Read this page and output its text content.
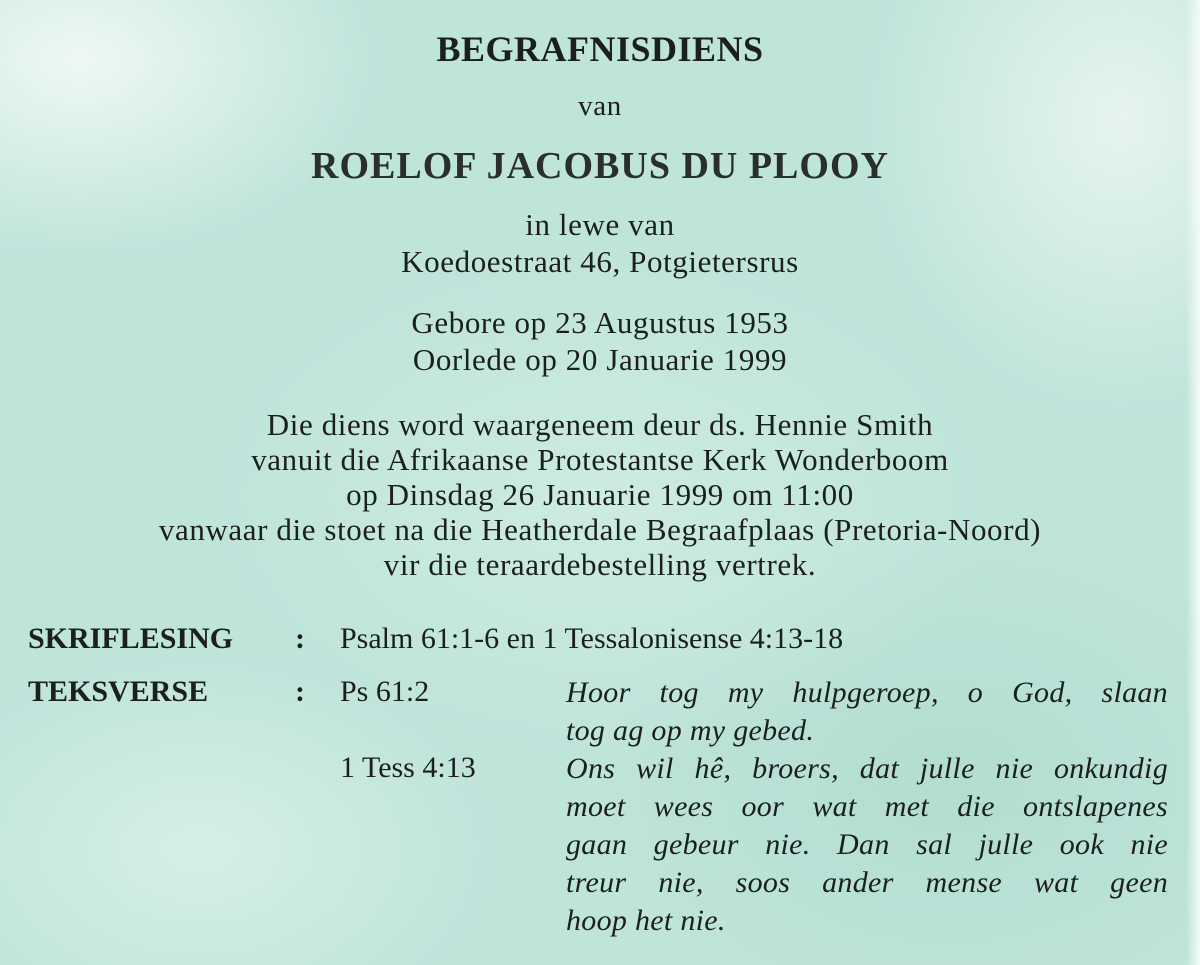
BEGRAFNISDIENS
van
ROELOF JACOBUS DU PLOOY
in lewe van
Koedoestraat 46, Potgietersrus
Gebore op 23 Augustus 1953
Oorlede op 20 Januarie 1999
Die diens word waargeneem deur ds. Hennie Smith
vanuit die Afrikaanse Protestantse Kerk Wonderboom
op Dinsdag 26 Januarie 1999 om 11:00
vanwaar die stoet na die Heatherdale Begraafplaas (Pretoria-Noord)
vir die teraardebestelling vertrek.
SKRIFLESING : Psalm 61:1-6 en 1 Tessalonisense 4:13-18
TEKSVERSE	: Ps 61:2	Hoor tog my hulpgeroep, o God, slaan
tog ag op my gebed.
1 Tess 4:13	Ons wil hê, broers, dat julle nie onkundig
moet wees oor wat met die ontslapenes
gaan gebeur nie. Dan sal julle ook nie
treur nie, soos ander mense wat geen
hoop het nie.
